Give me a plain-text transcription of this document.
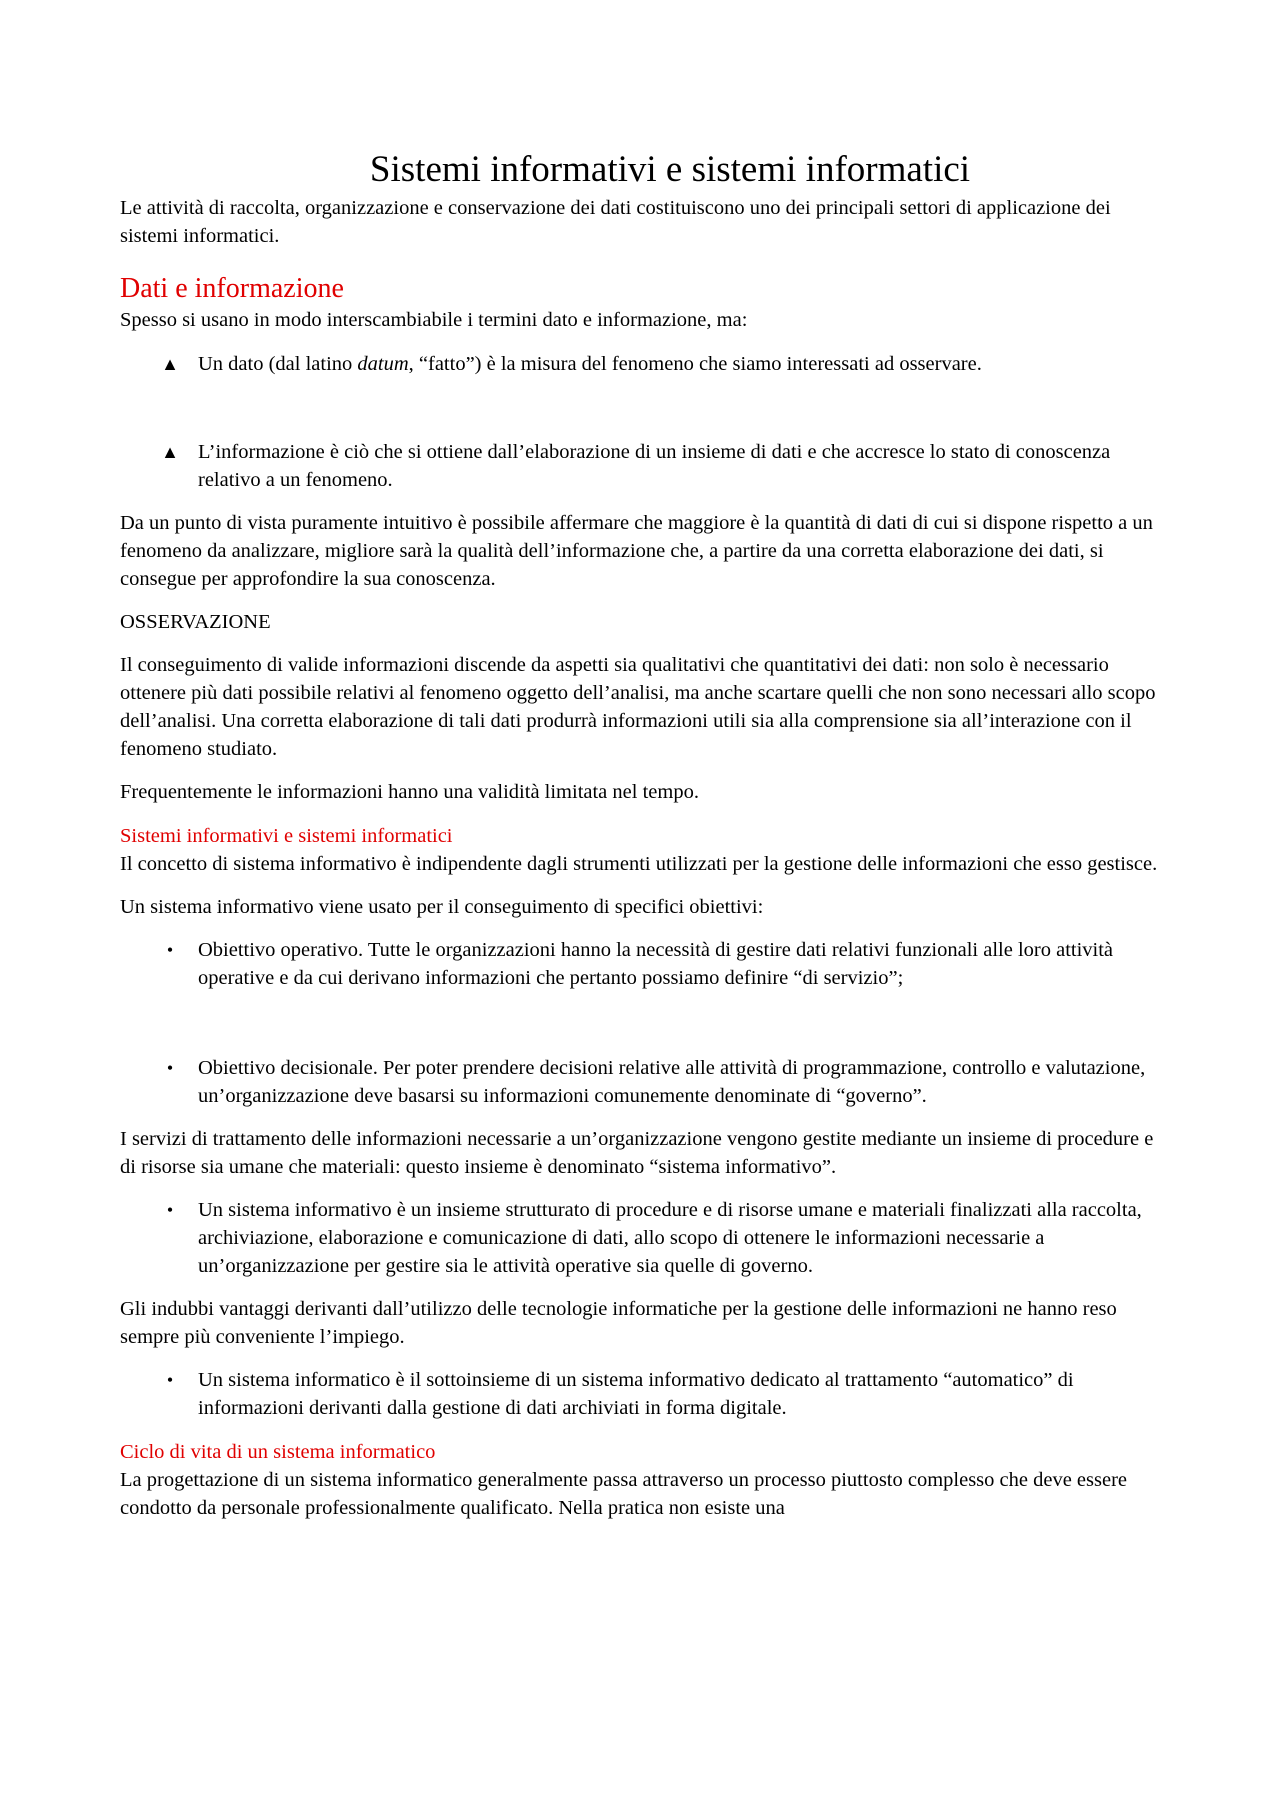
Sistemi informativi e sistemi informatici

Le attività di raccolta, organizzazione e conservazione dei dati costituiscono uno dei principali settori di applicazione dei sistemi informatici.

Dati e informazione

Spesso si usano in modo interscambiabile i termini dato e informazione, ma:

▲ Un dato (dal latino datum, “fatto”) è la misura del fenomeno che siamo interessati ad osservare.
▲ L’informazione è ciò che si ottiene dall’elaborazione di un insieme di dati e che accresce lo stato di conoscenza relativo a un fenomeno.

Da un punto di vista puramente intuitivo è possibile affermare che maggiore è la quantità di dati di cui si dispone rispetto a un fenomeno da analizzare, migliore sarà la qualità dell’informazione che, a partire da una corretta elaborazione dei dati, si consegue per approfondire la sua conoscenza.

OSSERVAZIONE

Il conseguimento di valide informazioni discende da aspetti sia qualitativi che quantitativi dei dati: non solo è necessario ottenere più dati possibile relativi al fenomeno oggetto dell’analisi, ma anche scartare quelli che non sono necessari allo scopo dell’analisi. Una corretta elaborazione di tali dati produrrà informazioni utili sia alla comprensione sia all’interazione con il fenomeno studiato.

Frequentemente le informazioni hanno una validità limitata nel tempo.

Sistemi informativi e sistemi informatici

Il concetto di sistema informativo è indipendente dagli strumenti utilizzati per la gestione delle informazioni che esso gestisce.

Un sistema informativo viene usato per il conseguimento di specifici obiettivi:

•	Obiettivo operativo. Tutte le organizzazioni hanno la necessità di gestire dati relativi funzionali alle loro attività operative e da cui derivano informazioni che pertanto possiamo definire “di servizio”;
•	Obiettivo decisionale. Per poter prendere decisioni relative alle attività di programmazione, controllo e valutazione, un’organizzazione deve basarsi su informazioni comunemente denominate di “governo”.

I servizi di trattamento delle informazioni necessarie a un’organizzazione vengono gestite mediante un insieme di procedure e di risorse sia umane che materiali: questo insieme è denominato “sistema informativo”.

•	Un sistema informativo è un insieme strutturato di procedure e di risorse umane e materiali finalizzati alla raccolta, archiviazione, elaborazione e comunicazione di dati, allo scopo di ottenere le informazioni necessarie a un’organizzazione per gestire sia le attività operative sia quelle di governo.

Gli indubbi vantaggi derivanti dall’utilizzo delle tecnologie informatiche per la gestione delle informazioni ne hanno reso sempre più conveniente l’impiego.

•	Un sistema informatico è il sottoinsieme di un sistema informativo dedicato al trattamento “automatico” di informazioni derivanti dalla gestione di dati archiviati in forma digitale.
Ciclo di vita di un sistema informatico

La progettazione di un sistema informatico generalmente passa attraverso un processo piuttosto complesso che deve essere condotto da personale professionalmente qualificato. Nella pratica non esiste una
